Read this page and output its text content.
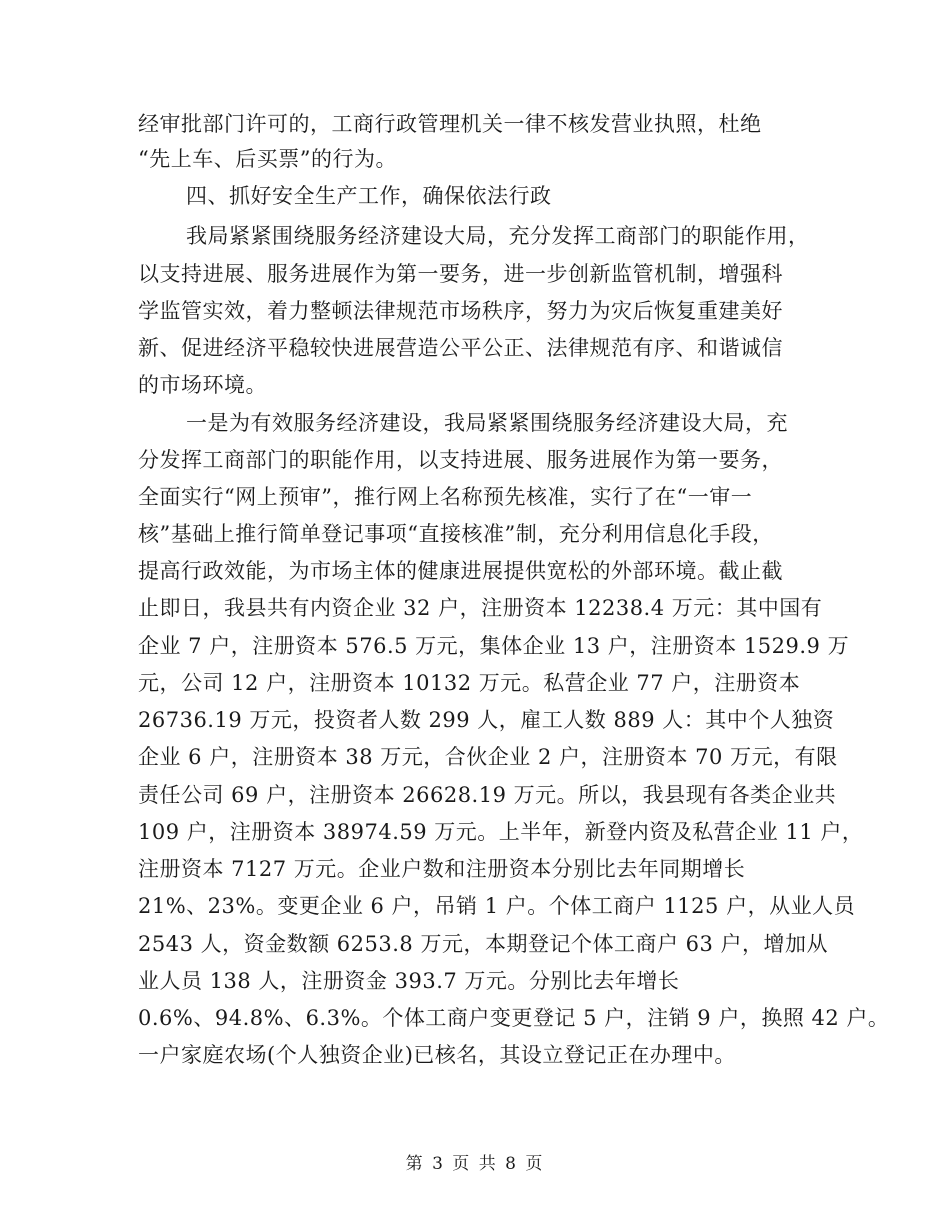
经审批部门许可的，工商行政管理机关一律不核发营业执照，杜绝
“先上车、后买票”的行为。
四、抓好安全生产工作，确保依法行政
我局紧紧围绕服务经济建设大局，充分发挥工商部门的职能作用，
以支持进展、服务进展作为第一要务，进一步创新监管机制，增强科
学监管实效，着力整顿法律规范市场秩序，努力为灾后恢复重建美好
新、促进经济平稳较快进展营造公平公正、法律规范有序、和谐诚信
的市场环境。
一是为有效服务经济建设，我局紧紧围绕服务经济建设大局，充
分发挥工商部门的职能作用，以支持进展、服务进展作为第一要务，
全面实行“网上预审”，推行网上名称预先核准，实行了在“一审一
核”基础上推行简单登记事项“直接核准”制，充分利用信息化手段，
提高行政效能，为市场主体的健康进展提供宽松的外部环境。截止截
止即日，我县共有内资企业 32 户，注册资本 12238.4 万元：其中国有
企业 7 户，注册资本 576.5 万元，集体企业 13 户，注册资本 1529.9 万
元，公司 12 户，注册资本 10132 万元。私营企业 77 户，注册资本
26736.19 万元，投资者人数 299 人，雇工人数 889 人：其中个人独资
企业 6 户，注册资本 38 万元，合伙企业 2 户，注册资本 70 万元，有限
责任公司 69 户，注册资本 26628.19 万元。所以，我县现有各类企业共
109 户，注册资本 38974.59 万元。上半年，新登内资及私营企业 11 户，
注册资本 7127 万元。企业户数和注册资本分别比去年同期增长
21%、23%。变更企业 6 户，吊销 1 户。个体工商户 1125 户，从业人员
2543 人，资金数额 6253.8 万元，本期登记个体工商户 63 户，增加从
业人员 138 人，注册资金 393.7 万元。分别比去年增长
0.6%、94.8%、6.3%。个体工商户变更登记 5 户，注销 9 户，换照 42 户。
一户家庭农场(个人独资企业)已核名，其设立登记正在办理中。
第 3 页 共 8 页
